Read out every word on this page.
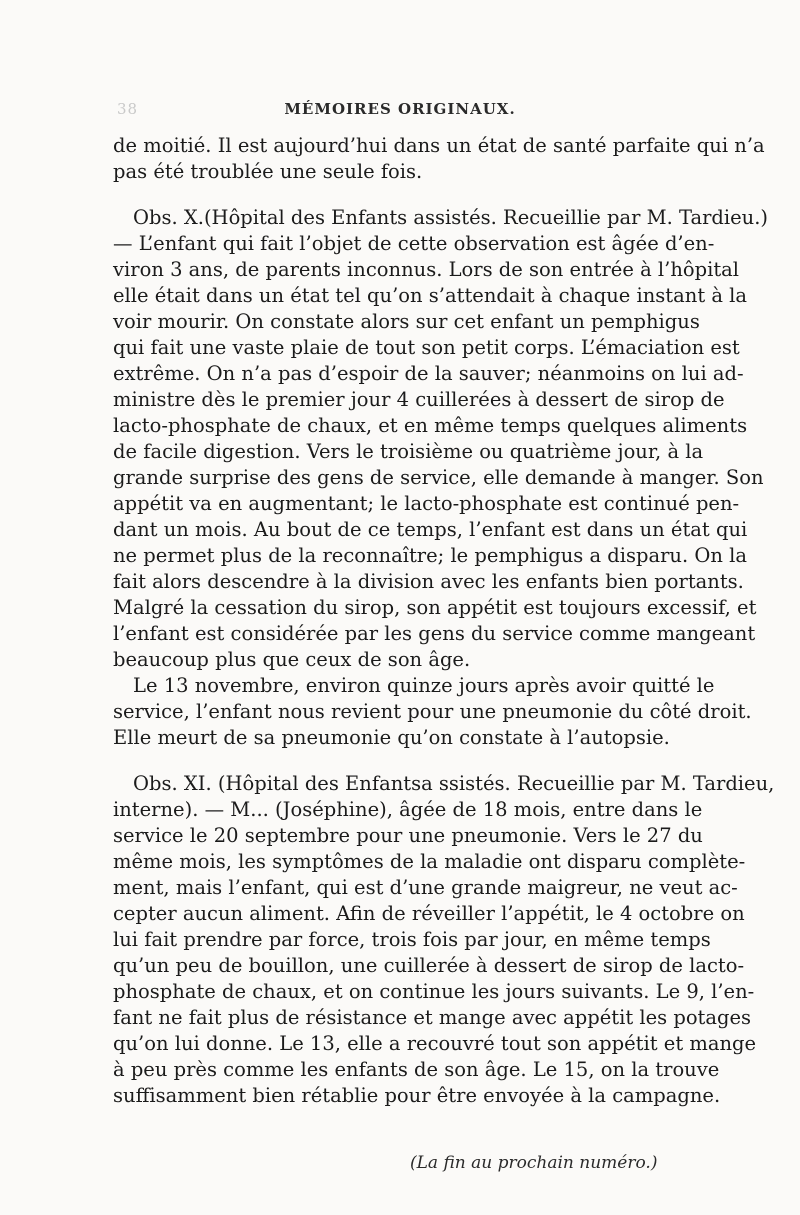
38	MÉMOIRES ORIGINAUX.
de moitié. Il est aujourd’hui dans un état de santé parfaite qui n’a
pas été troublée une seule fois.
Obs. X.(Hôpital des Enfants assistés. Recueillie par M. Tardieu.)
— L’enfant qui fait l’objet de cette observation est âgée d’en-
viron 3 ans, de parents inconnus. Lors de son entrée à l’hôpital
elle était dans un état tel qu’on s’attendait à chaque instant à la
voir mourir. On constate alors sur cet enfant un pemphigus
qui fait une vaste plaie de tout son petit corps. L’émaciation est
extrême. On n’a pas d’espoir de la sauver; néanmoins on lui ad-
ministre dès le premier jour 4 cuillerées à dessert de sirop de
lacto-phosphate de chaux, et en même temps quelques aliments
de facile digestion. Vers le troisième ou quatrième jour, à la
grande surprise des gens de service, elle demande à manger. Son
appétit va en augmentant; le lacto-phosphate est continué pen-
dant un mois. Au bout de ce temps, l’enfant est dans un état qui
ne permet plus de la reconnaître; le pemphigus a disparu. On la
fait alors descendre à la division avec les enfants bien portants.
Malgré la cessation du sirop, son appétit est toujours excessif, et
l’enfant est considérée par les gens du service comme mangeant
beaucoup plus que ceux de son âge.
Le 13 novembre, environ quinze jours après avoir quitté le
service, l’enfant nous revient pour une pneumonie du côté droit.
Elle meurt de sa pneumonie qu’on constate à l’autopsie.
Obs. XI. (Hôpital des Enfantsa ssistés. Recueillie par M. Tardieu,
interne). — M... (Joséphine), âgée de 18 mois, entre dans le
service le 20 septembre pour une pneumonie. Vers le 27 du
même mois, les symptômes de la maladie ont disparu complète-
ment, mais l’enfant, qui est d’une grande maigreur, ne veut ac-
cepter aucun aliment. Afin de réveiller l’appétit, le 4 octobre on
lui fait prendre par force, trois fois par jour, en même temps
qu’un peu de bouillon, une cuillerée à dessert de sirop de lacto-
phosphate de chaux, et on continue les jours suivants. Le 9, l’en-
fant ne fait plus de résistance et mange avec appétit les potages
qu’on lui donne. Le 13, elle a recouvré tout son appétit et mange
à peu près comme les enfants de son âge. Le 15, on la trouve
suffisamment bien rétablie pour être envoyée à la campagne.
(La fin au prochain numéro.)
